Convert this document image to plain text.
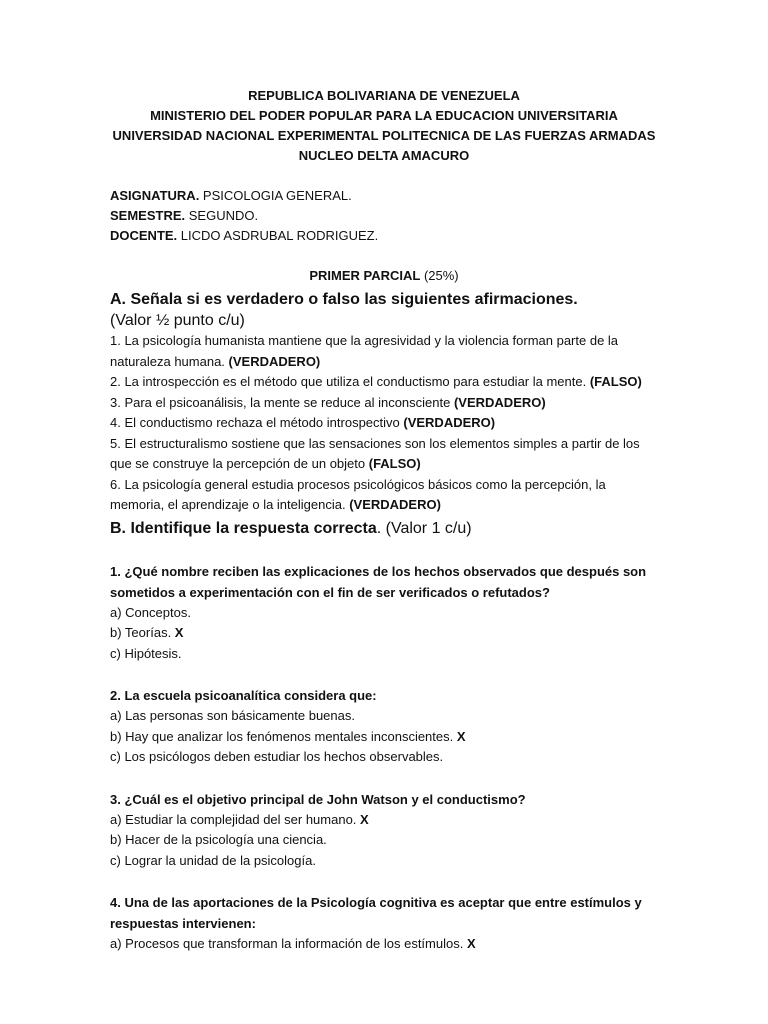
REPUBLICA BOLIVARIANA DE VENEZUELA
MINISTERIO DEL PODER POPULAR PARA LA EDUCACION UNIVERSITARIA
UNIVERSIDAD NACIONAL EXPERIMENTAL POLITECNICA DE LAS FUERZAS ARMADAS
NUCLEO DELTA AMACURO
ASIGNATURA. PSICOLOGIA GENERAL.
SEMESTRE. SEGUNDO.
DOCENTE. LICDO ASDRUBAL RODRIGUEZ.
PRIMER PARCIAL (25%)
A. Señala si es verdadero o falso las siguientes afirmaciones.
(Valor ½ punto c/u)
1. La psicología humanista mantiene que la agresividad y la violencia forman parte de la naturaleza humana. (VERDADERO)
2. La introspección es el método que utiliza el conductismo para estudiar la mente. (FALSO)
3. Para el psicoanálisis, la mente se reduce al inconsciente (VERDADERO)
4. El conductismo rechaza el método introspectivo (VERDADERO)
5. El estructuralismo sostiene que las sensaciones son los elementos simples a partir de los que se construye la percepción de un objeto (FALSO)
6. La psicología general estudia procesos psicológicos básicos como la percepción, la memoria, el aprendizaje o la inteligencia. (VERDADERO)
B. Identifique la respuesta correcta. (Valor 1 c/u)
1. ¿Qué nombre reciben las explicaciones de los hechos observados que después son sometidos a experimentación con el fin de ser verificados o refutados?
a) Conceptos.
b) Teorías. X
c) Hipótesis.
2. La escuela psicoanalítica considera que:
a) Las personas son básicamente buenas.
b) Hay que analizar los fenómenos mentales inconscientes. X
c) Los psicólogos deben estudiar los hechos observables.
3. ¿Cuál es el objetivo principal de John Watson y el conductismo?
a) Estudiar la complejidad del ser humano. X
b) Hacer de la psicología una ciencia.
c) Lograr la unidad de la psicología.
4. Una de las aportaciones de la Psicología cognitiva es aceptar que entre estímulos y respuestas intervienen:
a) Procesos que transforman la información de los estímulos. X
